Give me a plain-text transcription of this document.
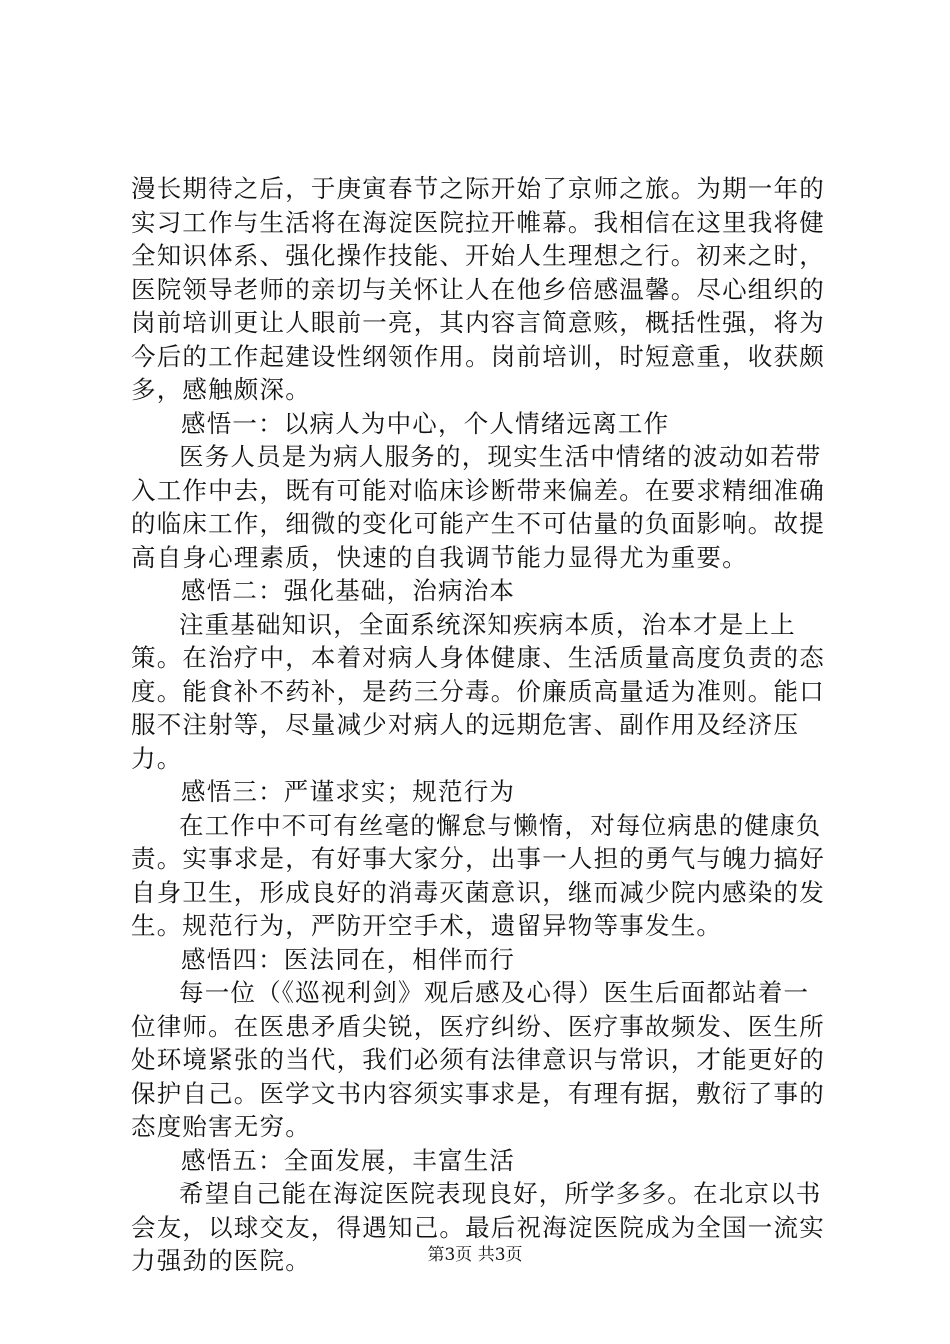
漫长期待之后，于庚寅春节之际开始了京师之旅。为期一年的实习工作与生活将在海淀医院拉开帷幕。我相信在这里我将健全知识体系、强化操作技能、开始人生理想之行。初来之时，医院领导老师的亲切与关怀让人在他乡倍感温馨。尽心组织的岗前培训更让人眼前一亮，其内容言简意赅，概括性强，将为今后的工作起建设性纲领作用。岗前培训，时短意重，收获颇多，感触颇深。

感悟一：以病人为中心，个人情绪远离工作

医务人员是为病人服务的，现实生活中情绪的波动如若带入工作中去，既有可能对临床诊断带来偏差。在要求精细准确的临床工作，细微的变化可能产生不可估量的负面影响。故提高自身心理素质，快速的自我调节能力显得尤为重要。

感悟二：强化基础，治病治本

注重基础知识，全面系统深知疾病本质，治本才是上上策。在治疗中，本着对病人身体健康、生活质量高度负责的态度。能食补不药补，是药三分毒。价廉质高量适为准则。能口服不注射等，尽量减少对病人的远期危害、副作用及经济压力。

感悟三：严谨求实；规范行为

在工作中不可有丝毫的懈怠与懒惰，对每位病患的健康负责。实事求是，有好事大家分，出事一人担的勇气与魄力搞好自身卫生，形成良好的消毒灭菌意识，继而减少院内感染的发生。规范行为，严防开空手术，遗留异物等事发生。

感悟四：医法同在，相伴而行

每一位（《巡视利剑》观后感及心得）医生后面都站着一位律师。在医患矛盾尖锐，医疗纠纷、医疗事故频发、医生所处环境紧张的当代，我们必须有法律意识与常识，才能更好的保护自己。医学文书内容须实事求是，有理有据，敷衍了事的态度贻害无穷。

感悟五：全面发展，丰富生活

希望自己能在海淀医院表现良好，所学多多。在北京以书会友，以球交友，得遇知己。最后祝海淀医院成为全国一流实力强劲的医院。	第3页 共3页
